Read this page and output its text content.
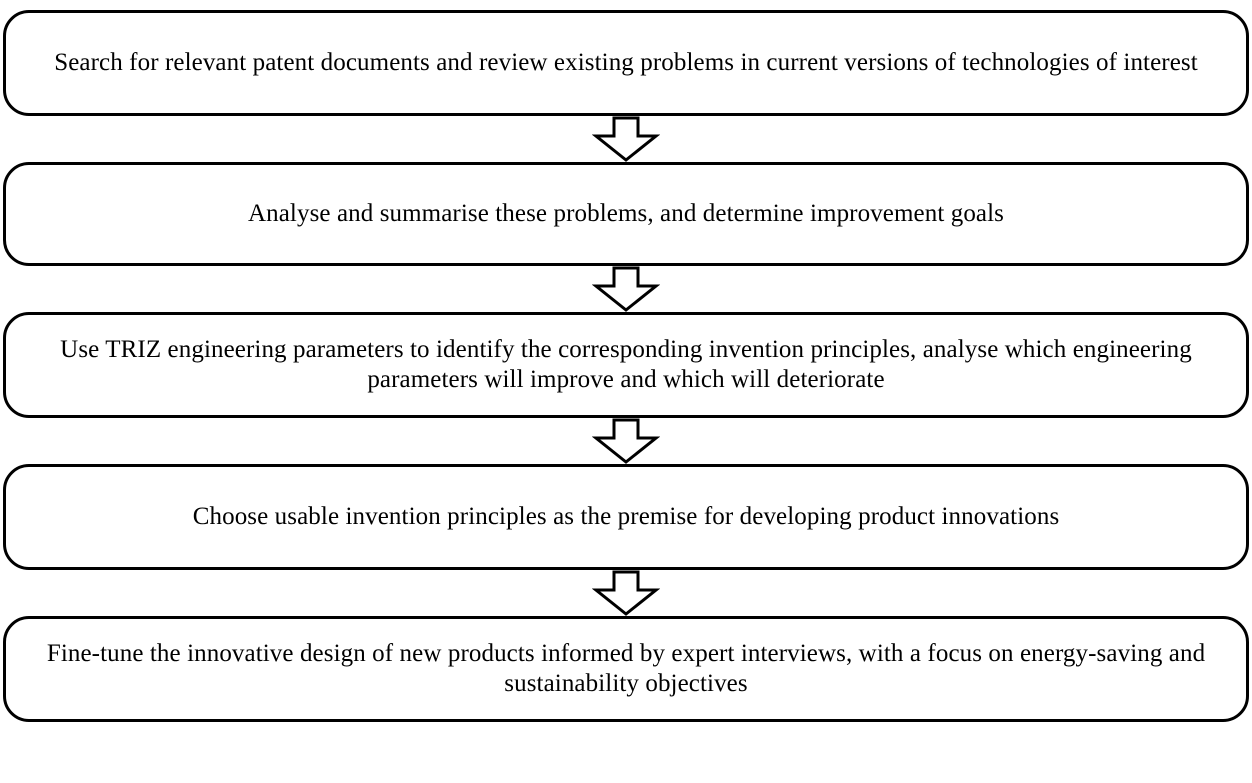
Search for relevant patent documents and review existing problems in current versions of technologies of interest
Analyse and summarise these problems, and determine improvement goals
Use TRIZ engineering parameters to identify the corresponding invention principles, analyse which engineering parameters will improve and which will deteriorate
Choose usable invention principles as the premise for developing product innovations
Fine-tune the innovative design of new products informed by expert interviews, with a focus on energy-saving and sustainability objectives
